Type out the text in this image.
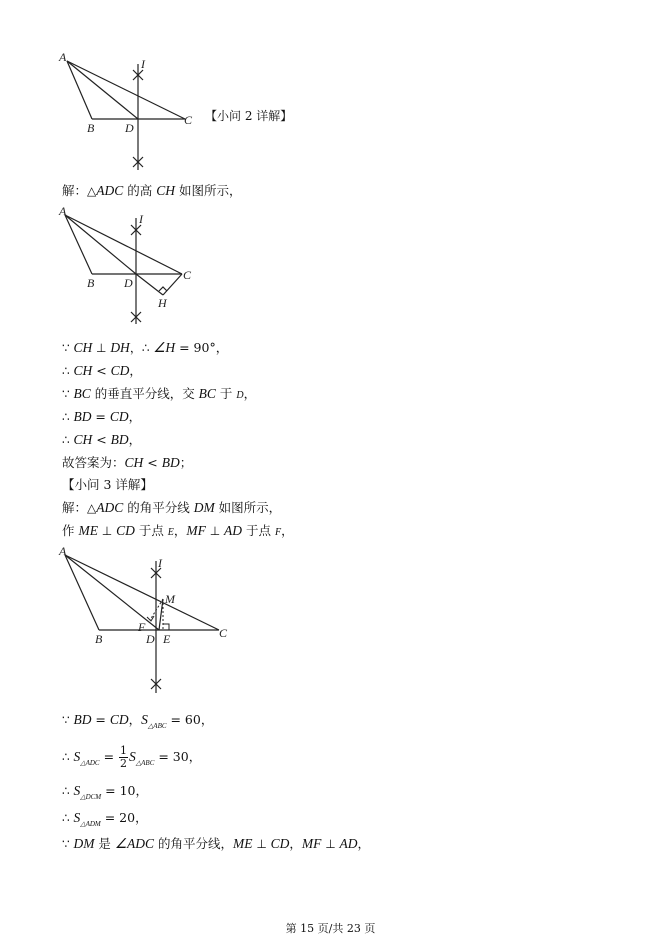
A
B	D
C
I
【小问 2 详解】
解：△ADC 的高 CH 如图所示，
A
B D
C
I
H
∵ CH ⊥ DH，∴ ∠H = 90°，
∴ CH < CD，
∵ BC 的垂直平分线，交 BC 于 D，
∴ BD = CD，
∴ CH < BD，
故答案为：CH < BD；
【小问 3 详解】
解：△ADC 的角平分线 DM 如图所示，
作 ME ⊥ CD 于点 E，MF ⊥ AD 于点 F，
A
B
F
D E
M
C
I
∵ BD = CD，$S_{\triangle ABC} = 60$，
∴ $S_{\triangle ADC} = \frac{1}{2} S_{\triangle ABC} = 30$，
∴ $S_{\triangle DCM} = 10$，
∴ $S_{\triangle ADM} = 20$，
∵ DM 是 ∠ADC 的角平分线，ME ⊥ CD，MF ⊥ AD，
第 15 页/共 23 页
